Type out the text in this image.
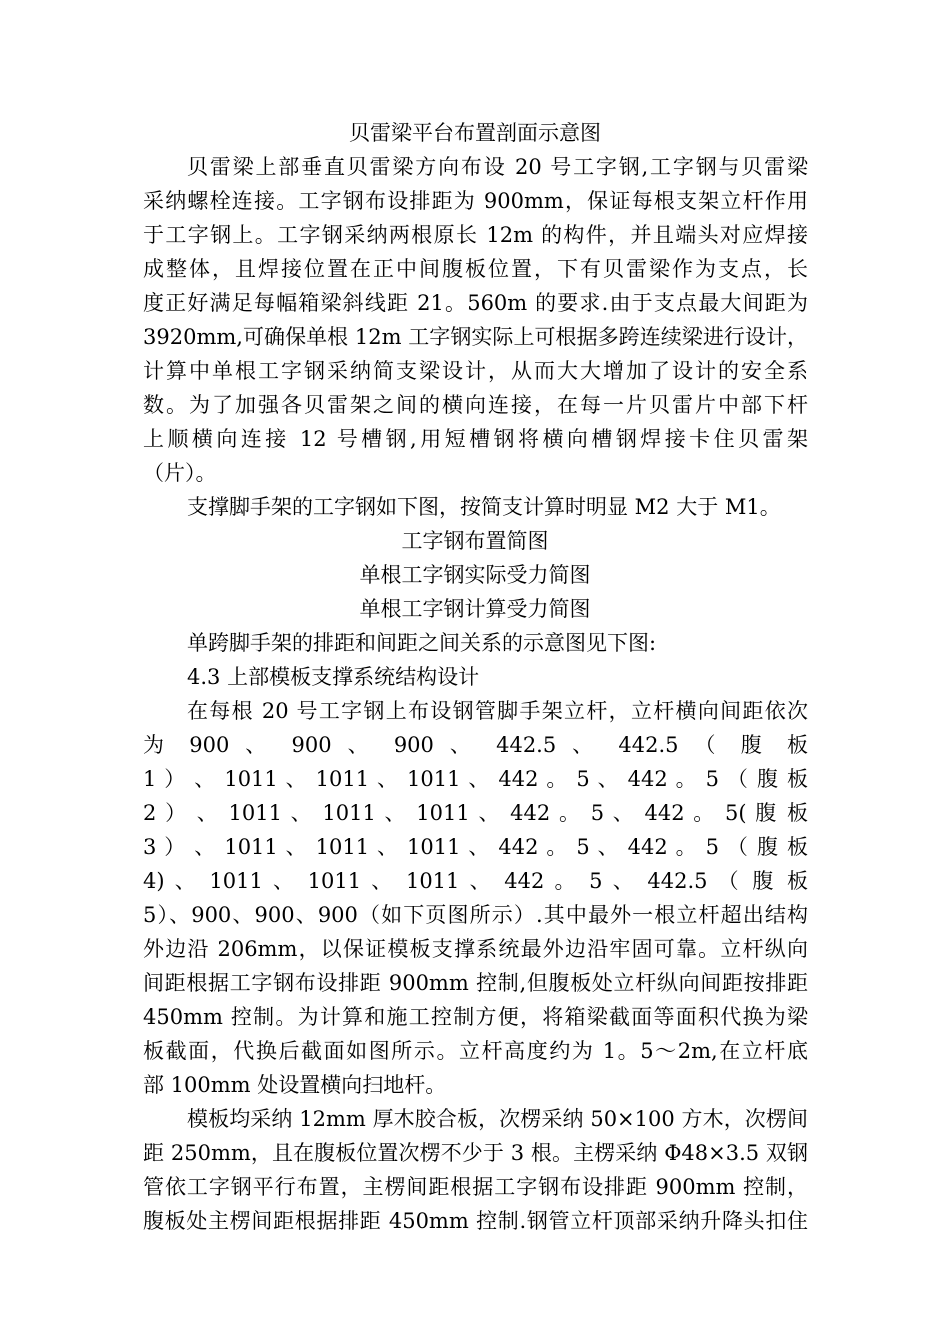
贝雷梁平台布置剖面示意图
贝雷梁上部垂直贝雷梁方向布设 20 号工字钢,工字钢与贝雷梁
采纳螺栓连接。工字钢布设排距为 900mm，保证每根支架立杆作用
于工字钢上。工字钢采纳两根原长 12m 的构件，并且端头对应焊接
成整体，且焊接位置在正中间腹板位置，下有贝雷梁作为支点，长
度正好满足每幅箱梁斜线距 21。560m 的要求.由于支点最大间距为
3920mm,可确保单根 12m 工字钢实际上可根据多跨连续梁进行设计，
计算中单根工字钢采纳简支梁设计，从而大大增加了设计的安全系
数。为了加强各贝雷架之间的横向连接，在每一片贝雷片中部下杆
上顺横向连接 12 号槽钢,用短槽钢将横向槽钢焊接卡住贝雷架
（片）。
支撑脚手架的工字钢如下图，按简支计算时明显 M2 大于 M1。
工字钢布置简图
单根工字钢实际受力简图
单根工字钢计算受力简图
单跨脚手架的排距和间距之间关系的示意图见下图:
4.3 上部模板支撑系统结构设计
在每根 20 号工字钢上布设钢管脚手架立杆，立杆横向间距依次
为 900 、 900 、 900 、 442.5 、 442.5 （ 腹 板
1 ） 、 1011 、 1011 、 1011 、 442 。 5 、 442 。 5 （ 腹 板
2 ） 、 1011 、 1011 、 1011 、 442 。 5 、 442 。 5( 腹 板
3 ） 、 1011 、 1011 、 1011 、 442 。 5 、 442 。 5 （ 腹 板
4) 、 1011 、 1011 、 1011 、 442 。 5 、 442.5 （ 腹 板
5）、900、900、900（如下页图所示）.其中最外一根立杆超出结构
外边沿 206mm，以保证模板支撑系统最外边沿牢固可靠。立杆纵向
间距根据工字钢布设排距 900mm 控制,但腹板处立杆纵向间距按排距
450mm 控制。为计算和施工控制方便，将箱梁截面等面积代换为梁
板截面，代换后截面如图所示。立杆高度约为 1。5～2m,在立杆底
部 100mm 处设置横向扫地杆。
模板均采纳 12mm 厚木胶合板，次楞采纳 50×100 方木，次楞间
距 250mm，且在腹板位置次楞不少于 3 根。主楞采纳 Φ48×3.5 双钢
管依工字钢平行布置，主楞间距根据工字钢布设排距 900mm 控制，
腹板处主楞间距根据排距 450mm 控制.钢管立杆顶部采纳升降头扣住
